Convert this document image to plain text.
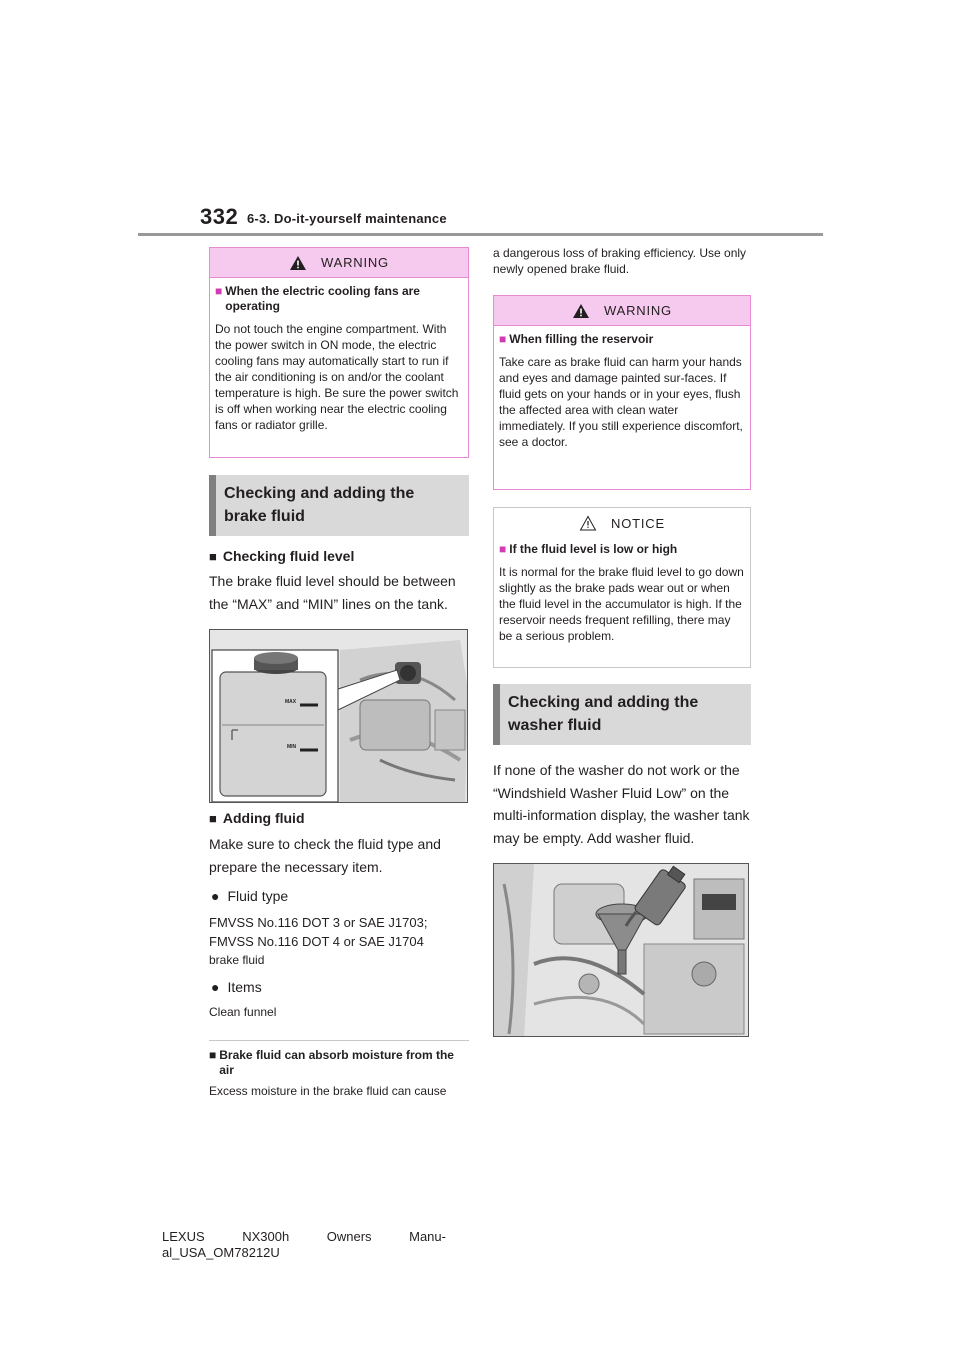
332 6-3. Do-it-yourself maintenance
WARNING
■ When the electric cooling fans are operating
Do not touch the engine compartment. With the power switch in ON mode, the electric cooling fans may automatically start to run if the air conditioning is on and/or the coolant temperature is high. Be sure the power switch is off when working near the electric cooling fans or radiator grille.
Checking and adding the brake fluid
■ Checking fluid level
The brake fluid level should be between the “MAX” and “MIN” lines on the tank.
MAX
MIN
■ Adding fluid
Make sure to check the fluid type and prepare the necessary item.
● Fluid type
FMVSS No.116 DOT 3 or SAE J1703;
FMVSS No.116 DOT 4 or SAE J1704
brake fluid
● Items
Clean funnel
■ Brake fluid can absorb moisture from the air
Excess moisture in the brake fluid can cause
a dangerous loss of braking efficiency. Use only newly opened brake fluid.
WARNING
■ When filling the reservoir
Take care as brake fluid can harm your hands and eyes and damage painted sur-faces. If fluid gets on your hands or in your eyes, flush the affected area with clean water immediately. If you still experience discomfort, see a doctor.
NOTICE
■ If the fluid level is low or high
It is normal for the brake fluid level to go down slightly as the brake pads wear out or when the fluid level in the accumulator is high. If the reservoir needs frequent refilling, there may be a serious problem.
Checking and adding the washer fluid
If none of the washer do not work or the “Windshield Washer Fluid Low” on the multi-information display, the washer tank may be empty. Add washer fluid.
LEXUS	NX300h	Owners	Manu-
al_USA_OM78212U
